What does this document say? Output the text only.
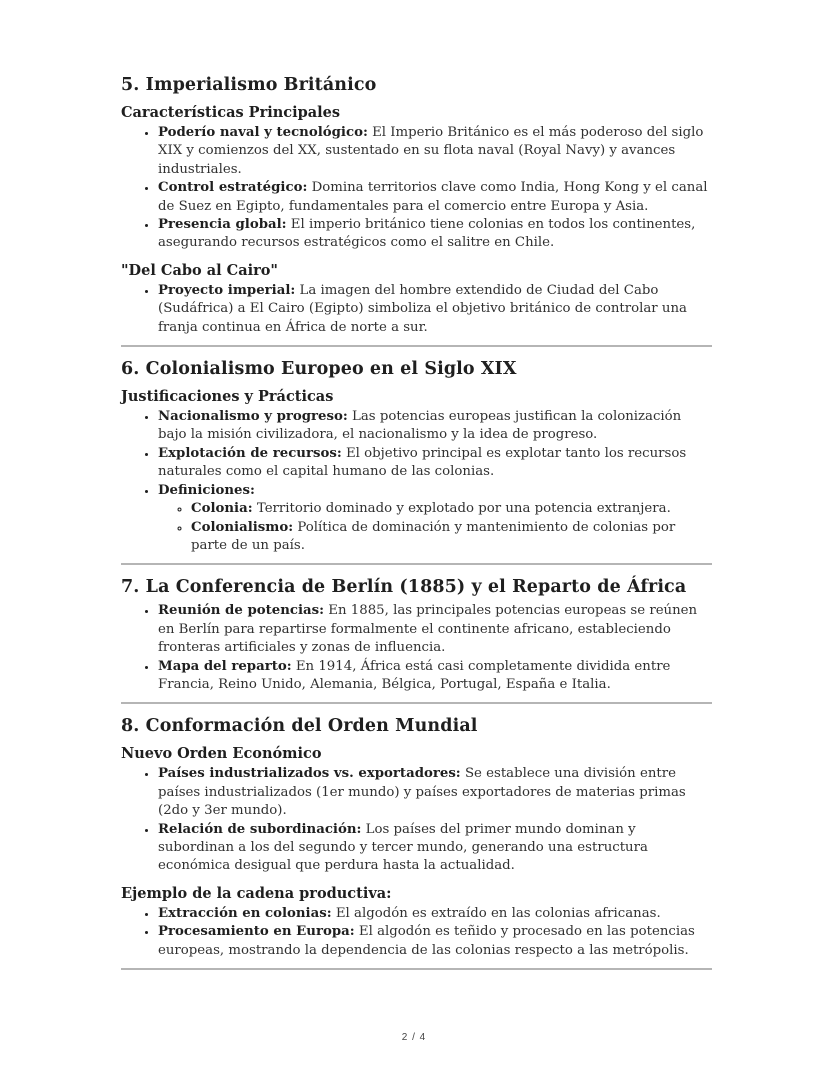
5. Imperialismo Británico
Características Principales
• Poderío naval y tecnológico: El Imperio Británico es el más poderoso del siglo XIX y comienzos del XX, sustentado en su flota naval (Royal Navy) y avances industriales.
• Control estratégico: Domina territorios clave como India, Hong Kong y el canal de Suez en Egipto, fundamentales para el comercio entre Europa y Asia.
• Presencia global: El imperio británico tiene colonias en todos los continentes, asegurando recursos estratégicos como el salitre en Chile.
"Del Cabo al Cairo"
• Proyecto imperial: La imagen del hombre extendido de Ciudad del Cabo (Sudáfrica) a El Cairo (Egipto) simboliza el objetivo británico de controlar una franja continua en África de norte a sur.
6. Colonialismo Europeo en el Siglo XIX
Justificaciones y Prácticas
• Nacionalismo y progreso: Las potencias europeas justifican la colonización bajo la misión civilizadora, el nacionalismo y la idea de progreso.
• Explotación de recursos: El objetivo principal es explotar tanto los recursos naturales como el capital humano de las colonias.
• Definiciones:
◦ Colonia: Territorio dominado y explotado por una potencia extranjera.
◦ Colonialismo: Política de dominación y mantenimiento de colonias por parte de un país.
7. La Conferencia de Berlín (1885) y el Reparto de África
• Reunión de potencias: En 1885, las principales potencias europeas se reúnen en Berlín para repartirse formalmente el continente africano, estableciendo fronteras artificiales y zonas de influencia.
• Mapa del reparto: En 1914, África está casi completamente dividida entre Francia, Reino Unido, Alemania, Bélgica, Portugal, España e Italia.
8. Conformación del Orden Mundial
Nuevo Orden Económico
• Países industrializados vs. exportadores: Se establece una división entre países industrializados (1er mundo) y países exportadores de materias primas (2do y 3er mundo).
• Relación de subordinación: Los países del primer mundo dominan y subordinan a los del segundo y tercer mundo, generando una estructura económica desigual que perdura hasta la actualidad.
Ejemplo de la cadena productiva:
• Extracción en colonias: El algodón es extraído en las colonias africanas.
• Procesamiento en Europa: El algodón es teñido y procesado en las potencias europeas, mostrando la dependencia de las colonias respecto a las metrópolis.
2 / 4
